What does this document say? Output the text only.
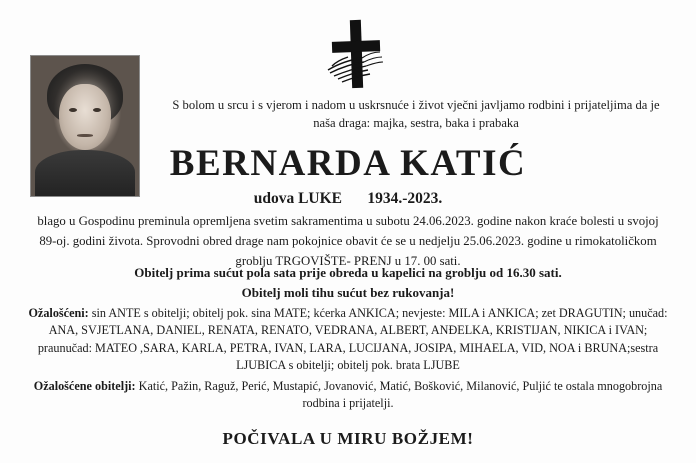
S bolom u srcu i s vjerom i nadom u uskrsnuće i život vječni javljamo rodbini i prijateljima da je naša draga: majka, sestra, baka i prabaka
BERNARDA KATIĆ
udova LUKE 1934.-2023.
blago u Gospodinu preminula opremljena svetim sakramentima u subotu 24.06.2023. godine nakon kraće bolesti u svojoj 89-oj. godini života. Sprovodni obred drage nam pokojnice obavit će se u nedjelju 25.06.2023. godine u rimokatoličkom groblju TRGOVIŠTE- PRENJ u 17. 00 sati.
Obitelj prima sućut pola sata prije obreda u kapelici na groblju od 16.30 sati.
Obitelj moli tihu sućut bez rukovanja!
Ožalošćeni: sin ANTE s obitelji; obitelj pok. sina MATE; kćerka ANKICA; nevjeste: MILA i ANKICA; zet DRAGUTIN; unučad: ANA, SVJETLANA, DANIEL, RENATA, RENATO, VEDRANA, ALBERT, ANĐELKA, KRISTIJAN, NIKICA i IVAN; praunučad: MATEO ,SARA, KARLA, PETRA, IVAN, LARA, LUCIJANA, JOSIPA, MIHAELA, VID, NOA i BRUNA;sestra LJUBICA s obitelji; obitelj pok. brata LJUBE
Ožalošćene obitelji: Katić, Pažin, Raguž, Perić, Mustapić, Jovanović, Matić, Bošković, Milanović, Puljić te ostala mnogobrojna rodbina i prijatelji.
POČIVALA U MIRU BOŽJEM!
